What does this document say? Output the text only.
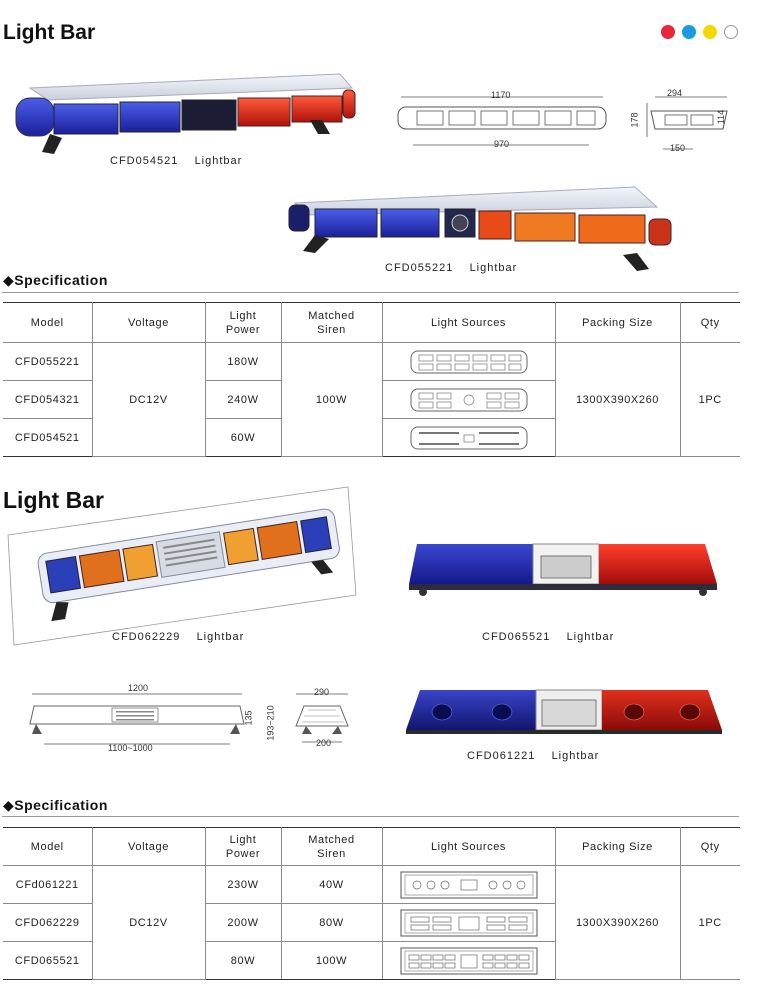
Light Bar
CFD054521 Lightbar
1170
970
294
178	114
150
CFD055221 Lightbar
◆Specification
Model	Voltage	Light Power	Matched Siren	Light Sources	Packing Size	Qty
CFD055221	DC12V	180W	100W		1300X390X260	1PC
CFD054321		240W	

CFD054521		60W	
Light Bar
CFD062229 Lightbar	CFD065521 Lightbar
1200
1100~1000
135 193~210
290
200
CFD061221 Lightbar
◆Specification
Model	Voltage	Light Power	Matched Siren	Light Sources	Packing Size	Qty
CFd061221	DC12V	230W	40W		1300X390X260	1PC
CFD062229		200W	80W	

CFD065521		80W	100W	
